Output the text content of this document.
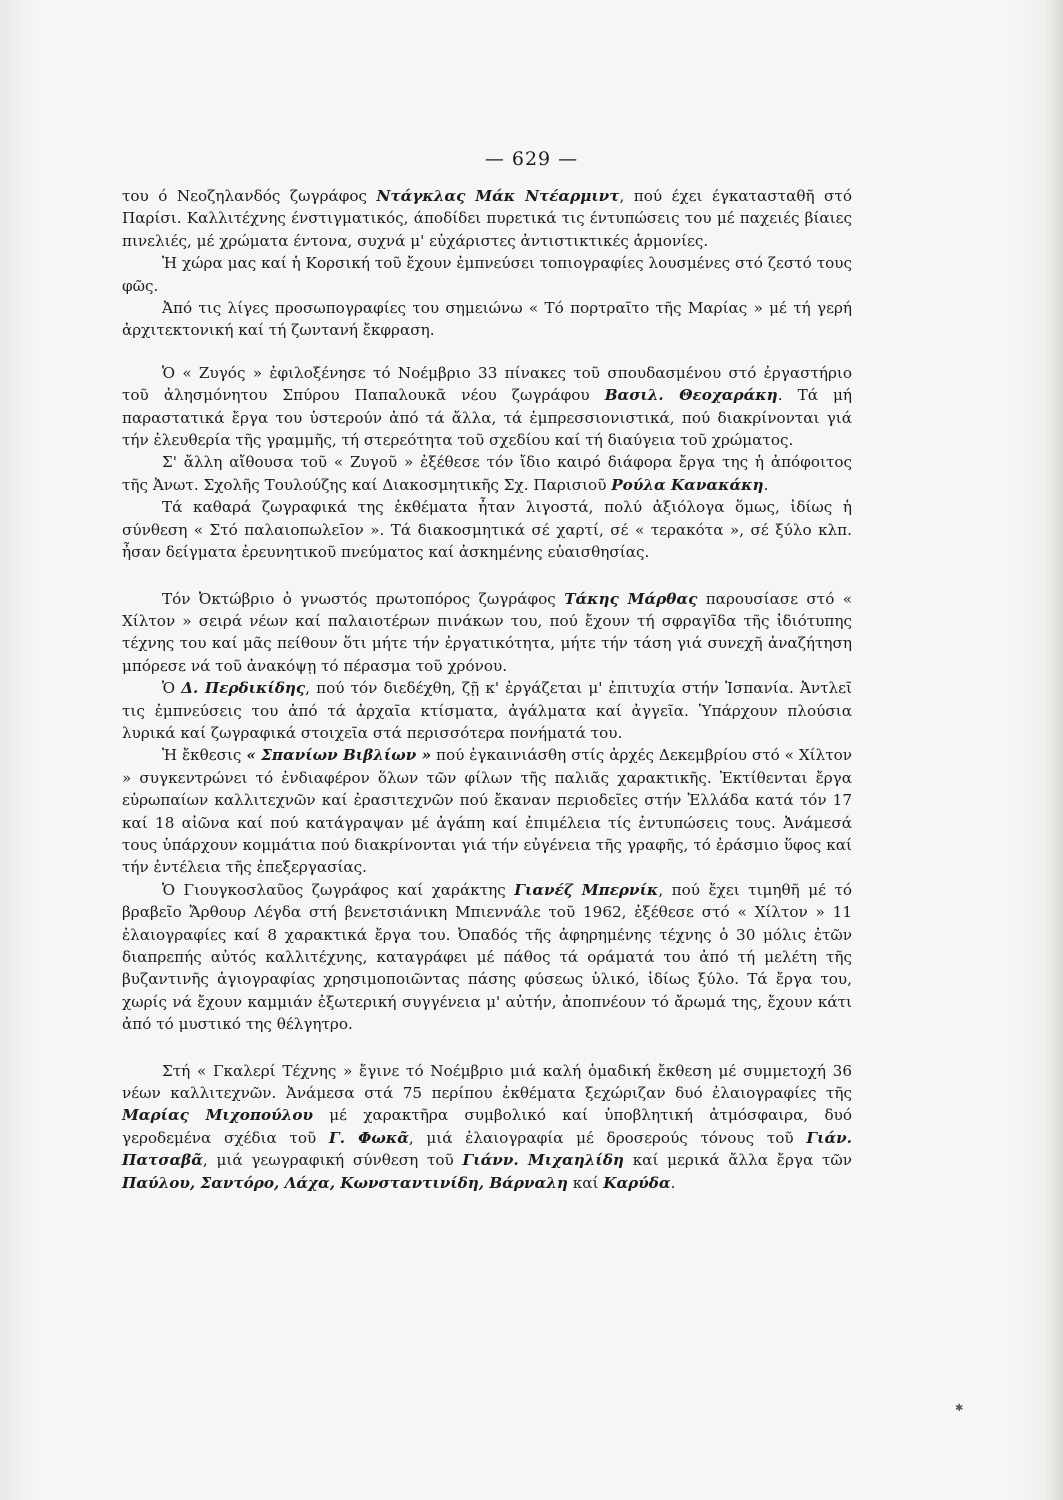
— 629 —

του ό Νεοζηλανδός ζωγράφος Ντάγκλας Μάκ Ντέαρμιντ, πού έχει έγκατασταθῆ στό Παρίσι. Καλλιτέχνης ένστιγματικός, άποδίδει πυρετικά τις έντυπώσεις του μέ παχειές βίαιες πινελιές, μέ χρώματα έντονα, συχνά μ' εὐχάριστες ἀντιστικτικές ἁρμονίες.

Ἡ χώρα μας καί ἡ Κορσική τοῦ ἔχουν ἐμπνεύσει τοπιογραφίες λουσμένες στό ζεστό τους φῶς.

Ἀπό τις λίγες προσωπογραφίες του σημειώνω « Τό πορτραῖτο τῆς Μαρίας » μέ τή γερή ἀρχιτεκτονική καί τή ζωντανή ἔκφραση.

Ὁ « Ζυγός » ἐφιλοξένησε τό Νοέμβριο 33 πίνακες τοῦ σπουδασμένου στό ἐργαστήριο τοῦ ἀλησμόνητου Σπύρου Παπαλουκᾶ νέου ζωγράφου Βασιλ. Θεοχαράκη. Τά μή παραστατικά ἔργα του ὑστερούν ἀπό τά ἄλλα, τά ἐμπρεσσιονιστικά, πού διακρίνονται γιά τήν ἐλευθερία τῆς γραμμῆς, τή στερεότητα τοῦ σχεδίου καί τή διαύγεια τοῦ χρώματος.

Σ' ἄλλη αἴθουσα τοῦ « Ζυγοῦ » ἐξέθεσε τόν ἴδιο καιρό διάφορα ἔργα της ἡ ἀπόφοιτος τῆς Ἀνωτ. Σχολῆς Τουλούζης καί Διακοσμητικῆς Σχ. Παρισιοῦ Ρούλα Κανακάκη.

Τά καθαρά ζωγραφικά της ἐκθέματα ἦταν λιγοστά, πολύ ἀξιόλογα ὅμως, ἰδίως ἡ σύνθεση « Στό παλαιοπωλεῖον ». Τά διακοσμητικά σέ χαρτί, σέ « τερακότα », σέ ξύλο κλπ. ἦσαν δείγματα ἐρευνητικοῦ πνεύματος καί ἀσκημένης εὐαισθησίας.

Τόν Ὀκτώβριο ὁ γνωστός πρωτοπόρος ζωγράφος Τάκης Μάρθας παρουσίασε στό « Χίλτον » σειρά νέων καί παλαιοτέρων πινάκων του, πού ἔχουν τή σφραγῖδα τῆς ἰδιότυπης τέχνης του καί μᾶς πείθουν ὅτι μήτε τήν ἐργατικότητα, μήτε τήν τάση γιά συνεχῆ ἀναζήτηση μπόρεσε νά τοῦ ἀνακόψῃ τό πέρασμα τοῦ χρόνου.

Ὁ Δ. Περδικίδης, πού τόν διεδέχθη, ζῇ κ' ἐργάζεται μ' ἐπιτυχία στήν Ἰσπανία. Ἀντλεῖ τις ἐμπνεύσεις του ἀπό τά ἀρχαῖα κτίσματα, ἀγάλματα καί ἀγγεῖα. Ὑπάρχουν πλούσια λυρικά καί ζωγραφικά στοιχεῖα στά περισσότερα πονήματά του.

Ἡ ἔκθεσις « Σπανίων Βιβλίων » πού ἐγκαινιάσθη στίς ἀρχές Δεκεμβρίου στό « Χίλτον » συγκεντρώνει τό ἐνδιαφέρον ὅλων τῶν φίλων τῆς παλιᾶς χαρακτικῆς. Ἐκτίθενται ἔργα εὐρωπαίων καλλιτεχνῶν καί ἐρασιτεχνῶν πού ἔκαναν περιοδεῖες στήν Ἑλλάδα κατά τόν 17 καί 18 αἰῶνα καί πού κατάγραψαν μέ ἀγάπη καί ἐπιμέλεια τίς ἐντυπώσεις τους. Ἀνάμεσά τους ὑπάρχουν κομμάτια πού διακρίνονται γιά τήν εὐγένεια τῆς γραφῆς, τό ἐράσμιο ὕφος καί τήν ἐντέλεια τῆς ἐπεξεργασίας.

Ὁ Γιουγκοσλαῦος ζωγράφος καί χαράκτης Γιανέζ Μπερνίκ, πού ἔχει τιμηθῆ μέ τό βραβεῖο Ἄρθουρ Λέγδα στή βενετσιάνικη Μπιεννάλε τοῦ 1962, ἐξέθεσε στό « Χίλτον » 11 ἐλαιογραφίες καί 8 χαρακτικά ἔργα του. Ὀπαδός τῆς ἀφηρημένης τέχνης ὁ 30 μόλις ἐτῶν διαπρεπής αὐτός καλλιτέχνης, καταγράφει μέ πάθος τά οράματά του ἀπό τή μελέτη τῆς βυζαντινῆς ἁγιογραφίας χρησιμοποιῶντας πάσης φύσεως ὑλικό, ἰδίως ξύλο. Τά ἔργα του, χωρίς νά ἔχουν καμμιάν ἐξωτερική συγγένεια μ' αὐτήν, ἀποπνέουν τό ἄρωμά της, ἔχουν κάτι ἀπό τό μυστικό της θέλγητρο.

Στή « Γκαλερί Τέχνης » ἔγινε τό Νοέμβριο μιά καλή ὁμαδική ἔκθεση μέ συμμετοχή 36 νέων καλλιτεχνῶν. Ἀνάμεσα στά 75 περίπου ἐκθέματα ξεχώριζαν δυό ἐλαιογραφίες τῆς Μαρίας Μιχοπούλου μέ χαρακτῆρα συμβολικό καί ὑποβλητική ἀτμόσφαιρα, δυό γεροδεμένα σχέδια τοῦ Γ. Φωκᾶ, μιά ἐλαιογραφία μέ δροσερούς τόνους τοῦ Γιάν. Πατσαβᾶ, μιά γεωγραφική σύνθεση τοῦ Γιάνν. Μιχαηλίδη καί μερικά ἄλλα ἔργα τῶν Παύλου, Σαντόρο, Λάχα, Κωνσταντινίδη, Βάρναλη καί Καρύδα.

✱
